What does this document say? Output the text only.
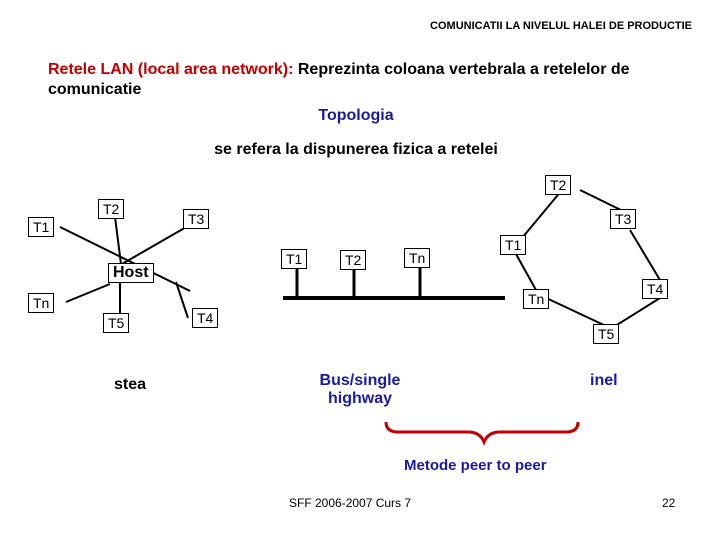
COMUNICATII LA NIVELUL HALEI DE PRODUCTIE
Retele LAN (local area network): Reprezinta coloana vertebrala a retelelor de comunicatie
Topologia
se refera la dispunerea fizica a retelei
T1
T2
T3
Host
Tn
T5	T4
stea
T1	T2	Tn
Bus/single
highway
T2
T3
T1
T4
Tn
T5
inel
Metode peer to peer
SFF 2006-2007 Curs 7	22
